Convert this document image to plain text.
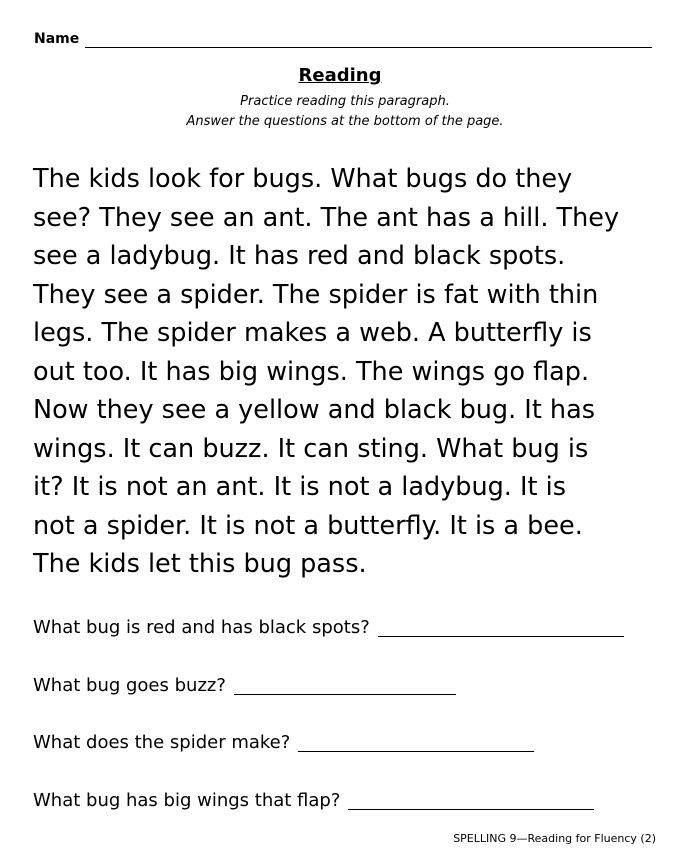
Name
Reading
Practice reading this paragraph.
Answer the questions at the bottom of the page.
The kids look for bugs. What bugs do they
see? They see an ant. The ant has a hill. They
see a ladybug. It has red and black spots.
They see a spider. The spider is fat with thin
legs. The spider makes a web. A butterfly is
out too. It has big wings. The wings go flap.
Now they see a yellow and black bug. It has
wings. It can buzz. It can sting. What bug is
it? It is not an ant. It is not a ladybug. It is
not a spider. It is not a butterfly. It is a bee.
The kids let this bug pass.
What bug is red and has black spots?
What bug goes buzz?
What does the spider make?
What bug has big wings that flap?
SPELLING 9—Reading for Fluency (2)
